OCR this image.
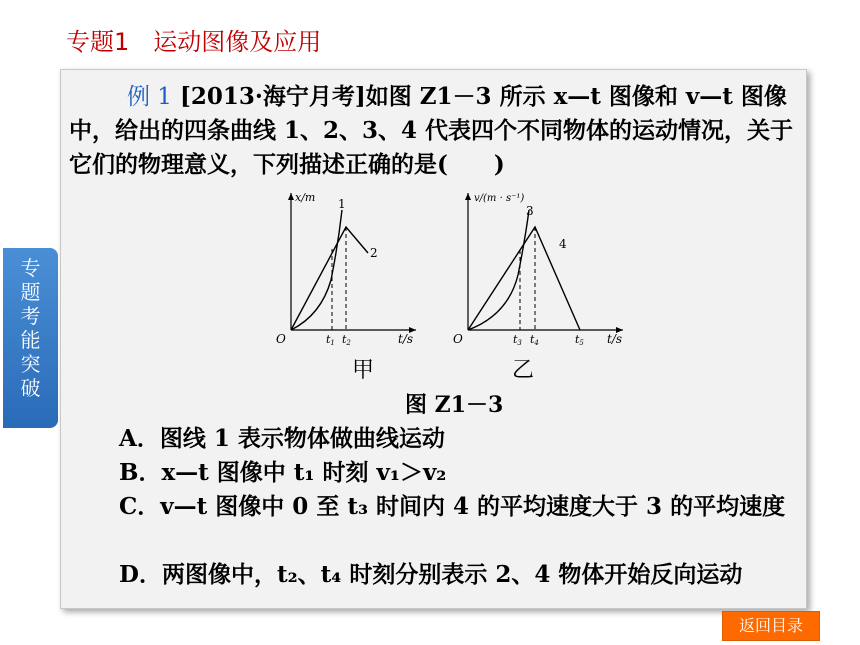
专题1　运动图像及应用
专
题
考
能
突
破
例 1 [2013·海宁月考]如图 Z1－3 所示 x—t 图像和 v—t 图像中，给出的四条曲线 1、2、3、4 代表四个不同物体的运动情况，关于它们的物理意义，下列描述正确的是(　　)
x/m
O	t/s
1
2
t1 t2
v/(m · s⁻¹)
O	t/s
3
4
t3 t4	t5
甲	乙
图 Z1－3
A．图线 1 表示物体做曲线运动
B．x—t 图像中 t₁ 时刻 v₁＞v₂
C．v—t 图像中 0 至 t₃ 时间内 4 的平均速度大于 3 的平均速度
D．两图像中，t₂、t₄ 时刻分别表示 2、4 物体开始反向运动
返回目录
